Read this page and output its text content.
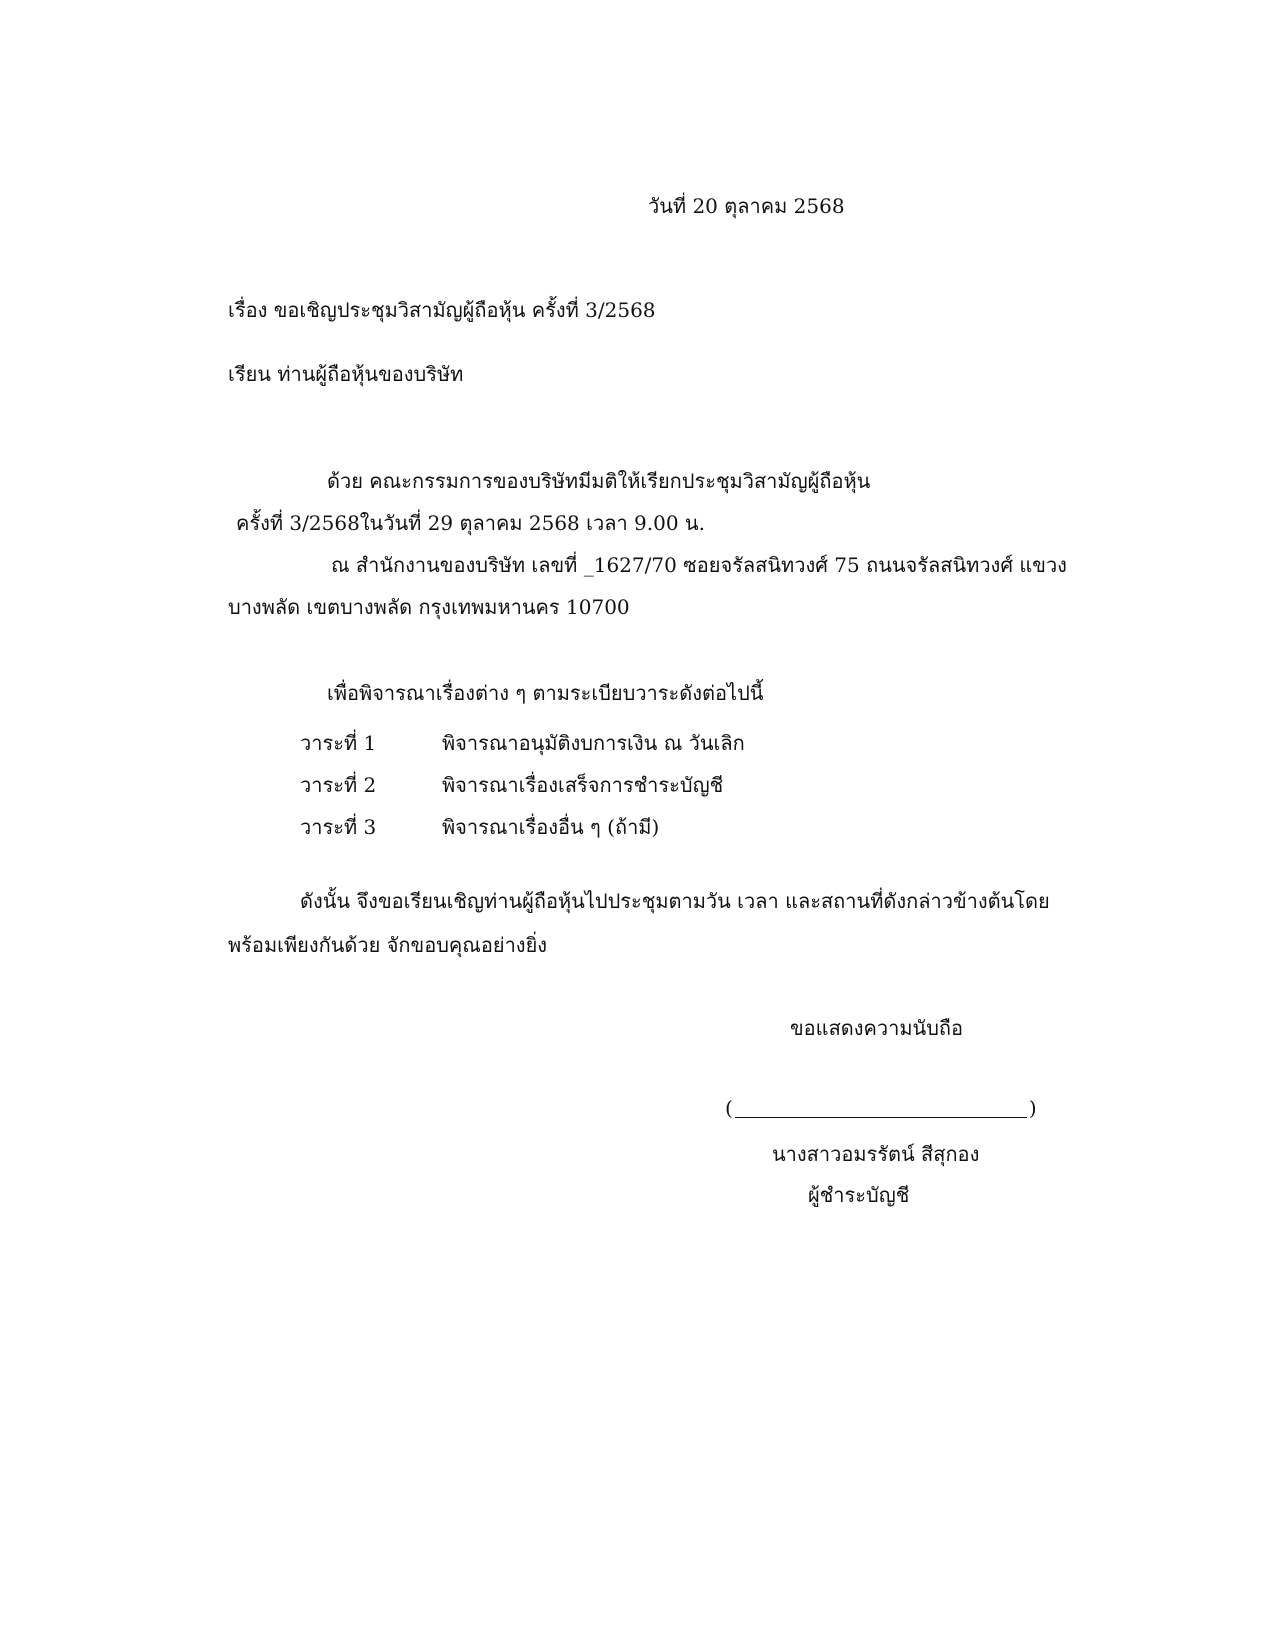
วันที่ 20 ตุลาคม 2568
เรื่อง ขอเชิญประชุมวิสามัญผู้ถือหุ้น ครั้งที่ 3/2568
เรียน ท่านผู้ถือหุ้นของบริษัท
ด้วย คณะกรรมการของบริษัทมีมติให้เรียกประชุมวิสามัญผู้ถือหุ้น
ครั้งที่ 3/2568ในวันที่ 29 ตุลาคม 2568 เวลา 9.00 น.
ณ สำนักงานของบริษัท เลขที่ _1627/70 ซอยจรัลสนิทวงศ์ 75 ถนนจรัลสนิทวงศ์ แขวง
บางพลัด เขตบางพลัด กรุงเทพมหานคร 10700
เพื่อพิจารณาเรื่องต่าง ๆ ตามระเบียบวาระดังต่อไปนี้
วาระที่ 1	พิจารณาอนุมัติงบการเงิน ณ วันเลิก
วาระที่ 2	พิจารณาเรื่องเสร็จการชำระบัญชี
วาระที่ 3	พิจารณาเรื่องอื่น ๆ (ถ้ามี)
ดังนั้น จึงขอเรียนเชิญท่านผู้ถือหุ้นไปประชุมตามวัน เวลา และสถานที่ดังกล่าวข้างต้นโดย
พร้อมเพียงกันด้วย จักขอบคุณอย่างยิ่ง
ขอแสดงความนับถือ
(	)
นางสาวอมรรัตน์ สีสุกอง
ผู้ชำระบัญชี
